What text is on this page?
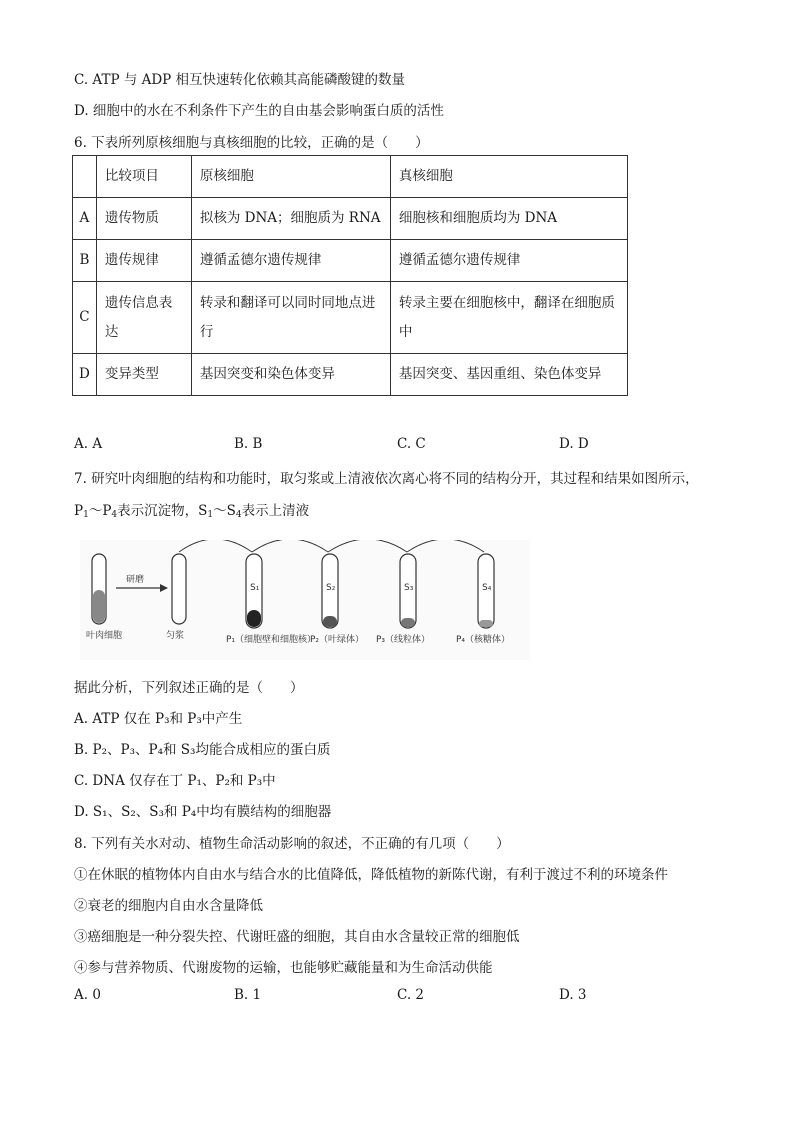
C. ATP 与 ADP 相互快速转化依赖其高能磷酸键的数量
D. 细胞中的水在不利条件下产生的自由基会影响蛋白质的活性
6. 下表所列原核细胞与真核细胞的比较，正确的是（　　）
	比较项目	原核细胞	真核细胞
A	遗传物质	拟核为 DNA；细胞质为 RNA	细胞核和细胞质均为 DNA
B	遗传规律	遵循孟德尔遗传规律	遵循孟德尔遗传规律
C	遗传信息表达	转录和翻译可以同时同地点进行	转录主要在细胞核中，翻译在细胞质中
D	变异类型	基因突变和染色体变异	基因突变、基因重组、染色体变异
A. A	B. B	C. C	D. D
7. 研究叶肉细胞的结构和功能时，取匀浆或上清液依次离心将不同的结构分开，其过程和结果如图所示，
$P_1\sim P_4$表示沉淀物，$S_1\sim S_4$表示上清液
叶肉细胞
研磨
匀浆
S₁
P₁（细胞壁和细胞核）
S₂
P₂（叶绿体）
S₃
P₃（线粒体）
S₄
P₄（核糖体）
据此分析，下列叙述正确的是（　　）
A. ATP 仅在 P₃和 P₃中产生
B. P₂、P₃、P₄和 S₃均能合成相应的蛋白质
C. DNA 仅存在丁 P₁、P₂和 P₃中
D. S₁、S₂、S₃和 P₄中均有膜结构的细胞器
8. 下列有关水对动、植物生命活动影响的叙述，不正确的有几项（　　）
①在休眠的植物体内自由水与结合水的比值降低，降低植物的新陈代谢，有利于渡过不利的环境条件
②衰老的细胞内自由水含量降低
③癌细胞是一种分裂失控、代谢旺盛的细胞，其自由水含量较正常的细胞低
④参与营养物质、代谢废物的运输，也能够贮藏能量和为生命活动供能
A. 0	B. 1	C. 2	D. 3
